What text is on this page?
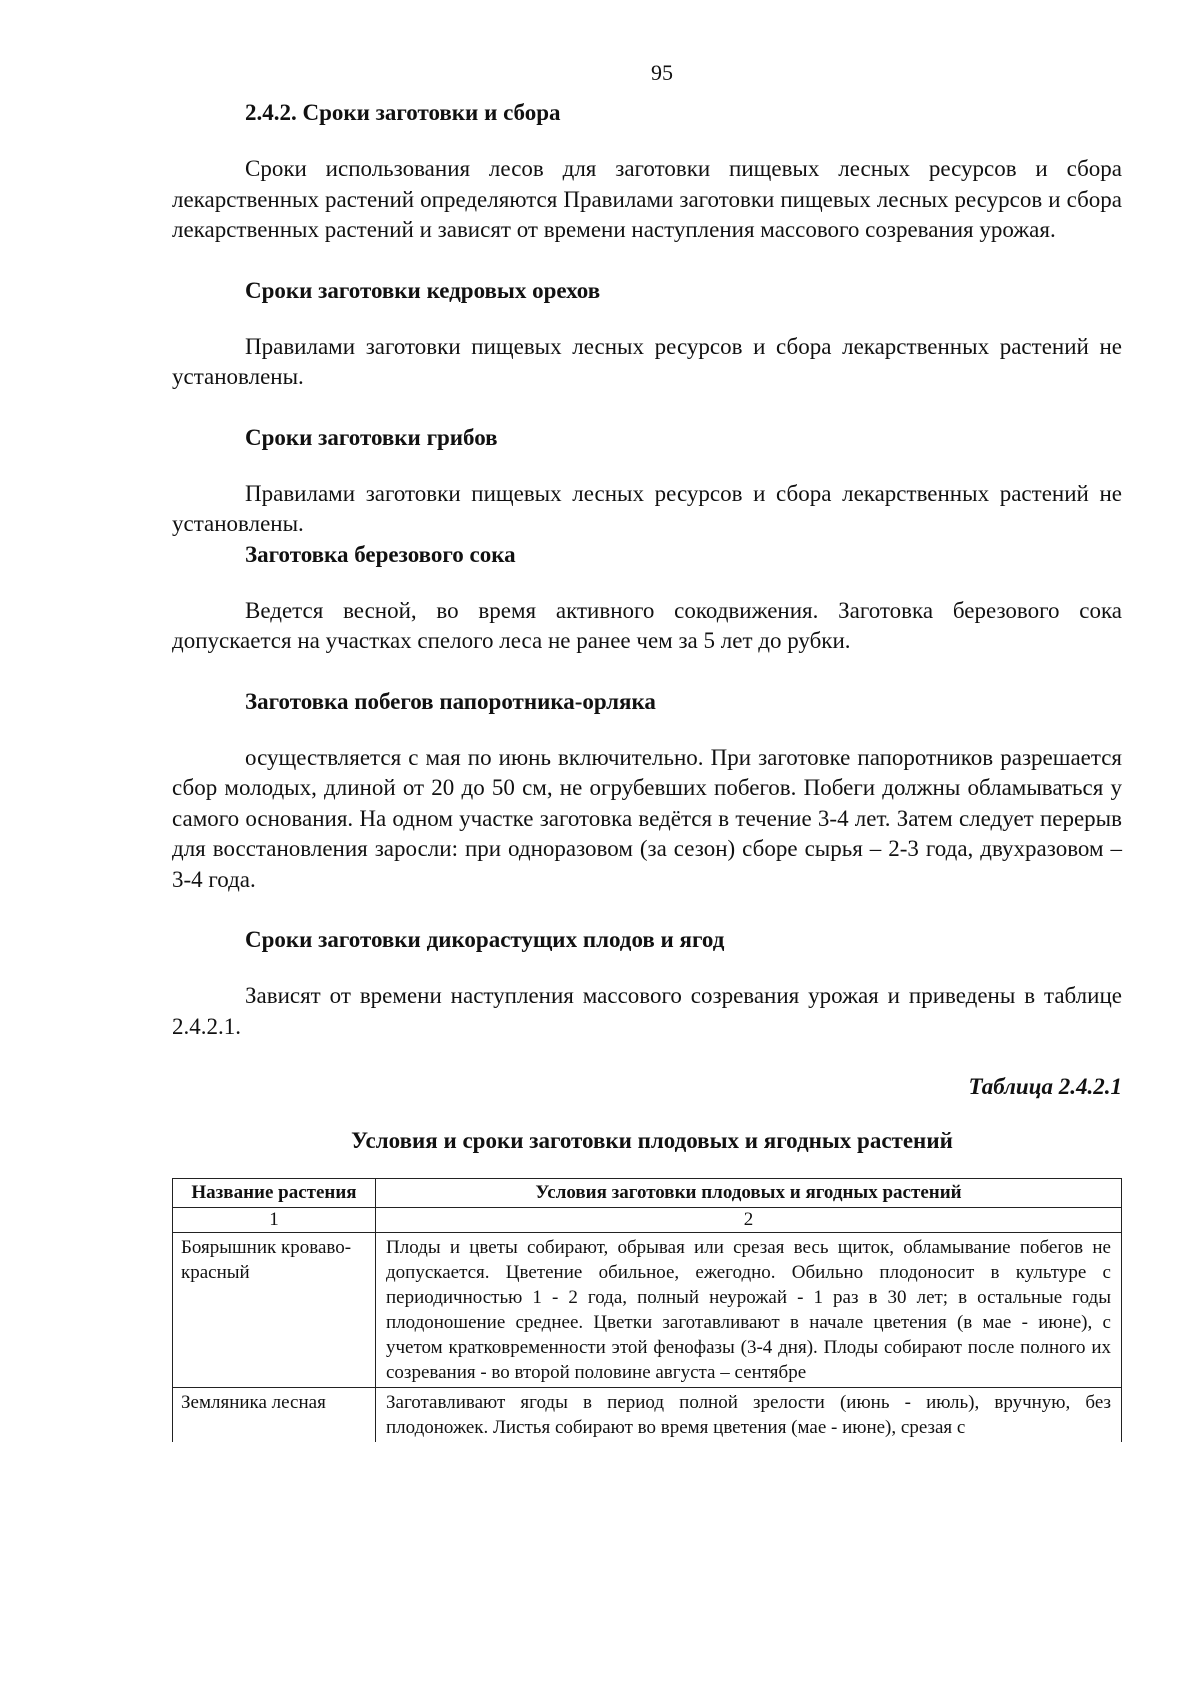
95
2.4.2. Сроки заготовки и сбора

Сроки использования лесов для заготовки пищевых лесных ресурсов и сбора лекарственных растений определяются Правилами заготовки пищевых лесных ресурсов и сбора лекарственных растений и зависят от времени наступления массового созревания урожая.

Сроки заготовки кедровых орехов

Правилами заготовки пищевых лесных ресурсов и сбора лекарственных растений не установлены.

Сроки заготовки грибов

Правилами заготовки пищевых лесных ресурсов и сбора лекарственных растений не установлены.

Заготовка березового сока

Ведется весной, во время активного сокодвижения. Заготовка березового сока допускается на участках спелого леса не ранее чем за 5 лет до рубки.

Заготовка побегов папоротника-орляка

осуществляется с мая по июнь включительно. При заготовке папоротников разрешается сбор молодых, длиной от 20 до 50 см, не огрубевших побегов. Побеги должны обламываться у самого основания. На одном участке заготовка ведётся в течение 3-4 лет. Затем следует перерыв для восстановления заросли: при одноразовом (за сезон) сборе сырья – 2-3 года, двухразовом – 3-4 года.

Сроки заготовки дикорастущих плодов и ягод

Зависят от времени наступления массового созревания урожая и приведены в таблице 2.4.2.1.

Таблица 2.4.2.1
Условия и сроки заготовки плодовых и ягодных растений
Название растения	Условия заготовки плодовых и ягодных растений
1	2
Боярышник кроваво-красный	Плоды и цветы собирают, обрывая или срезая весь щиток, обламывание побегов не допускается. Цветение обильное, ежегодно. Обильно плодоносит в культуре с периодичностью 1 - 2 года, полный неурожай - 1 раз в 30 лет; в остальные годы плодоношение среднее. Цветки заготавливают в начале цветения (в мае - июне), с учетом кратковременности этой фенофазы (3-4 дня). Плоды собирают после полного их созревания - во второй половине августа – сентябре
Земляника лесная	Заготавливают ягоды в период полной зрелости (июнь - июль), вручную, без плодоножек. Листья собирают во время цветения (мае - июне), срезая с
